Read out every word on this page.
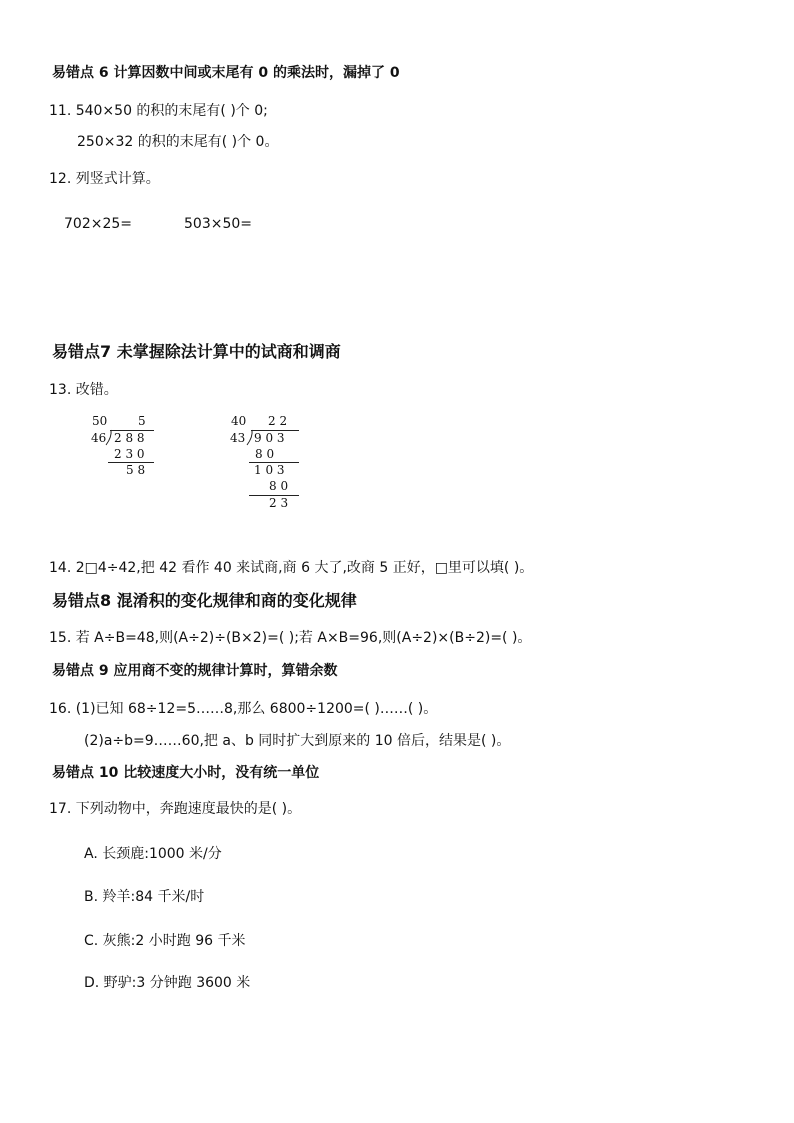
易错点 6 计算因数中间或末尾有 0 的乘法时，漏掉了 0
11. 540×50 的积的末尾有( )个 0;
250×32 的积的末尾有( )个 0。
12. 列竖式计算。
702×25=	503×50=
易错点7 未掌握除法计算中的试商和调商
13. 改错。
50	5
46 2 8 8
2 3 0
5 8
40 2 2
43 9 0 3
8 0
1 0 3
8 0
2 3
14. 2□4÷42,把 42 看作 40 来试商,商 6 大了,改商 5 正好，□里可以填( )。
易错点8 混淆积的变化规律和商的变化规律
15. 若 A÷B=48,则(A÷2)÷(B×2)=( );若 A×B=96,则(A÷2)×(B÷2)=( )。
易错点 9 应用商不变的规律计算时，算错余数
16. (1)已知 68÷12=5……8,那么 6800÷1200=( )……( )。
(2)a÷b=9……60,把 a、b 同时扩大到原来的 10 倍后，结果是( )。
易错点 10 比较速度大小时，没有统一单位
17. 下列动物中，奔跑速度最快的是( )。
A. 长颈鹿:1000 米/分
B. 羚羊:84 千米/时
C. 灰熊:2 小时跑 96 千米
D. 野驴:3 分钟跑 3600 米
